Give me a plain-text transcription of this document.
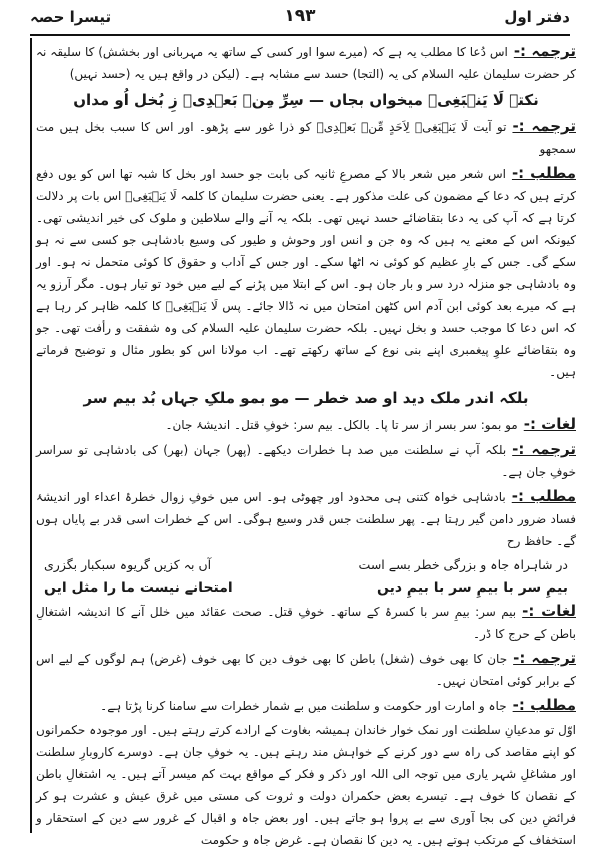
دفتر اول
۱۹۳
تیسرا حصہ

ترجمہ :-اس دُعا کا مطلب یہ ہے کہ (میرے سوا اور کسی کے ساتھ یہ مہربانی اور بخشش) کا سلیقہ نہ کر حضرت سلیمان علیہ السلام کی یہ (التجا) حسد سے مشابہ ہے۔ (لیکن در واقع ہیں یہ (حسد نہیں)

نکتۂ لَا یَنۡبَغِیۡ میخواں بجاں — سِرِّ مِنۡ بَعۡدِیۡ زِ بُخل اُو مداں

ترجمہ :-تو آیت لَا یَنۡبَغِیۡ لِاَحَدٍ مِّنۡ بَعۡدِیۡ کو ذرا غور سے پڑھو۔ اور اس کا سبب بخل ہیں مت سمجھو

مطلب :-اس شعر میں شعر بالا کے مصرعِ ثانیہ کی بابت جو حسد اور بخل کا شبہ تھا اس کو یوں دفع کرتے ہیں کہ دعا کے مضمون کی علت مذکور ہے۔ یعنی حضرت سلیمان کا کلمہ لَا یَنۡبَغِیۡ اس بات پر دلالت کرتا ہے کہ آپ کی یہ دعا بتقاضائے حسد نہیں تھی۔ بلکہ یہ آنے والے سلاطین و ملوک کی خیر اندیشی تھی۔ کیونکہ اس کے معنے یہ ہیں کہ وہ جن و انس اور وحوش و طیور کی وسیع بادشاہی جو کسی سے نہ ہو سکے گی۔ جس کے بارِ عظیم کو کوئی نہ اٹھا سکے۔ اور جس کے آداب و حقوق کا کوئی متحمل نہ ہو۔ اور وہ بادشاہی جو منزلہ درد سر و بار جان ہو۔ اس کے ابتلا میں پڑنے کے لیے میں خود تو تیار ہوں۔ مگر آرزو یہ ہے کہ میرے بعد کوئی ابن آدم اس کٹھن امتحان میں نہ ڈالا جائے۔ پس لَا یَنۡبَغِیۡ کا کلمہ ظاہر کر رہا ہے کہ اس دعا کا موجب حسد و بخل نہیں۔ بلکہ حضرت سلیمان علیہ السلام کی وہ شفقت و رأفت تھی۔ جو وہ بتقاضائے علوِ پیغمبری اپنے بنی نوع کے ساتھ رکھتے تھے۔ اب مولانا اس کو بطور مثال و توضیح فرماتے ہیں۔

بلکہ اندر ملک دید او صد خطر — مو بمو ملکِ جہاں بُد بیم سر

لغات :-مو بمو: سر بسر از سر تا پا۔ بالکل۔ بیم سر: خوفِ قتل۔ اندیشۂ جان۔

ترجمہ :-بلکہ آپ نے سلطنت میں صد ہا خطرات دیکھے۔ (پھر) جہان (بھر) کی بادشاہی تو سراسر خوفِ جان ہے۔

مطلب :-بادشاہی خواہ کتنی ہی محدود اور چھوٹی ہو۔ اس میں خوفِ زوال خطرۂ اعداء اور اندیشۂ فساد ضرور دامن گیر رہتا ہے۔ پھر سلطنت جس قدر وسیع ہوگی۔ اس کے خطرات اسی قدر بے پایاں ہوں گے۔ حافظ رح

در شاہراہ جاہ و بزرگی خطر بسے است
آں بہ کزیں گریوہ سبکبار بگزری
بیمِ سر با بیمِ سر با بیمِ دیں
امتحانے نیست ما را مثل ایں

لغات :-بیم سر: بیمِ سر با کسرۂ کے ساتھ۔ خوفِ قتل۔ صحت عقائد میں خلل آنے کا اندیشہ اشتغالِ باطن کے حرج کا ڈر۔

ترجمہ :-جان کا بھی خوف (شغل) باطن کا بھی خوف دین کا بھی خوف (غرض) ہم لوگوں کے لیے اس کے برابر کوئی امتحان نہیں۔

مطلب :-جاہ و امارت اور حکومت و سلطنت میں بے شمار خطرات سے سامنا کرنا پڑتا ہے۔

اوّل تو مدعیانِ سلطنت اور نمک خوار خاندان ہمیشہ بغاوت کے ارادے کرتے رہتے ہیں۔ اور موجودہ حکمرانوں کو اپنے مقاصد کی راہ سے دور کرنے کے خواہش مند رہتے ہیں۔ یہ خوفِ جان ہے۔ دوسرے کاروبارِ سلطنت اور مشاغلِ شہر یاری میں توجہ الی اللہ اور ذکر و فکر کے مواقع بہت کم میسر آتے ہیں۔ یہ اشتغالِ باطن کے نقصان کا خوف ہے۔ تیسرے بعض حکمران دولت و ثروت کی مستی میں غرق عیش و عشرت ہو کر فرائضِ دین کی بجا آوری سے بے پروا ہو جاتے ہیں۔ اور بعض جاہ و اقبال کے غرور سے دین کے استحقار و استخفاف کے مرتکب ہوتے ہیں۔ یہ دین کا نقصان ہے۔ غرض جاہ و حکومت
